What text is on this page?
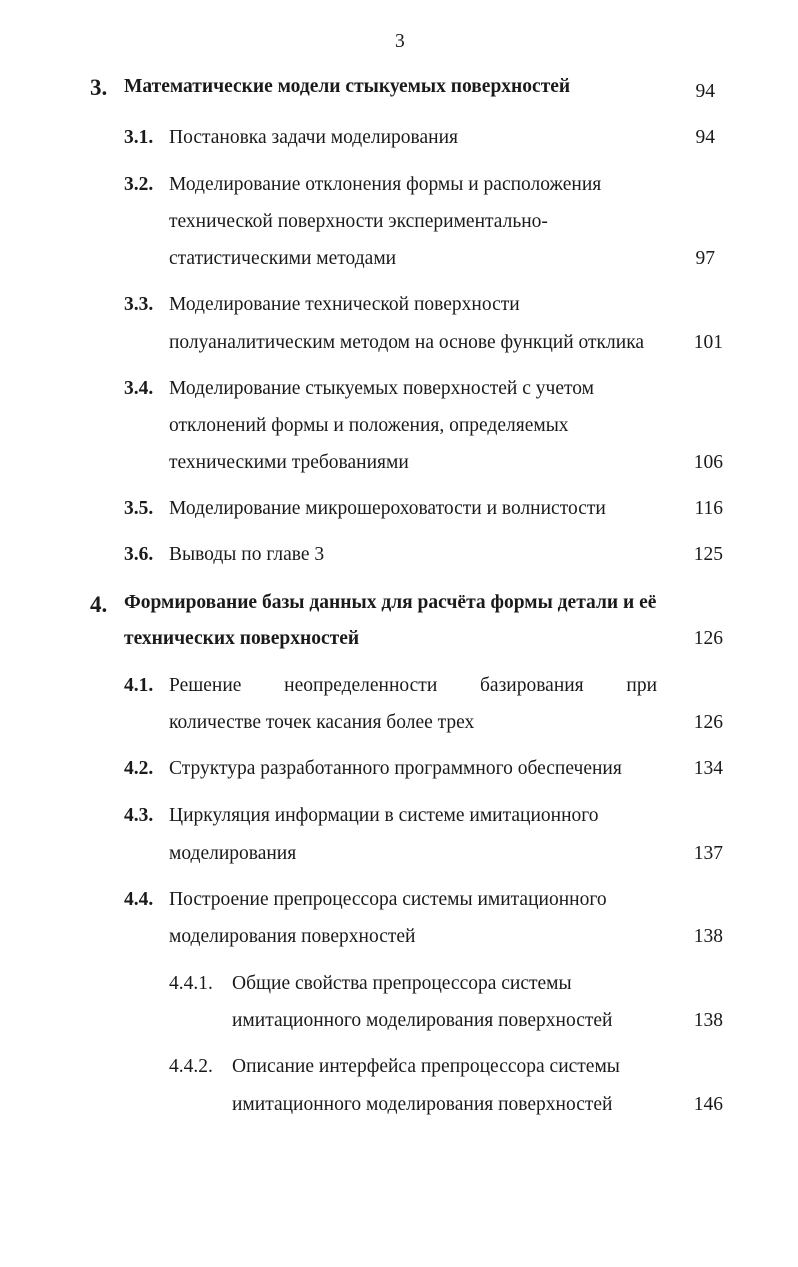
3
3. Математические модели стыкуемых поверхностей	94
3.1. Постановка задачи моделирования	94
3.2. Моделирование отклонения формы и расположения
технической поверхности экспериментально-
статистическими методами	97
3.3. Моделирование технической поверхности
полуаналитическим методом на основе функций отклика	101
3.4. Моделирование стыкуемых поверхностей с учетом
отклонений формы и положения, определяемых
техническими требованиями	106
3.5. Моделирование микрошероховатости и волнистости	116
3.6. Выводы по главе 3	125
4. Формирование базы данных для расчёта формы детали и её
технических поверхностей	126
4.1. Решение неопределенности базирования при
количестве точек касания более трех	126
4.2. Структура разработанного программного обеспечения	134
4.3. Циркуляция информации в системе имитационного
моделирования	137
4.4. Построение препроцессора системы имитационного
моделирования поверхностей	138
4.4.1. Общие свойства препроцессора системы
имитационного моделирования поверхностей	138
4.4.2. Описание интерфейса препроцессора системы
имитационного моделирования поверхностей	146
